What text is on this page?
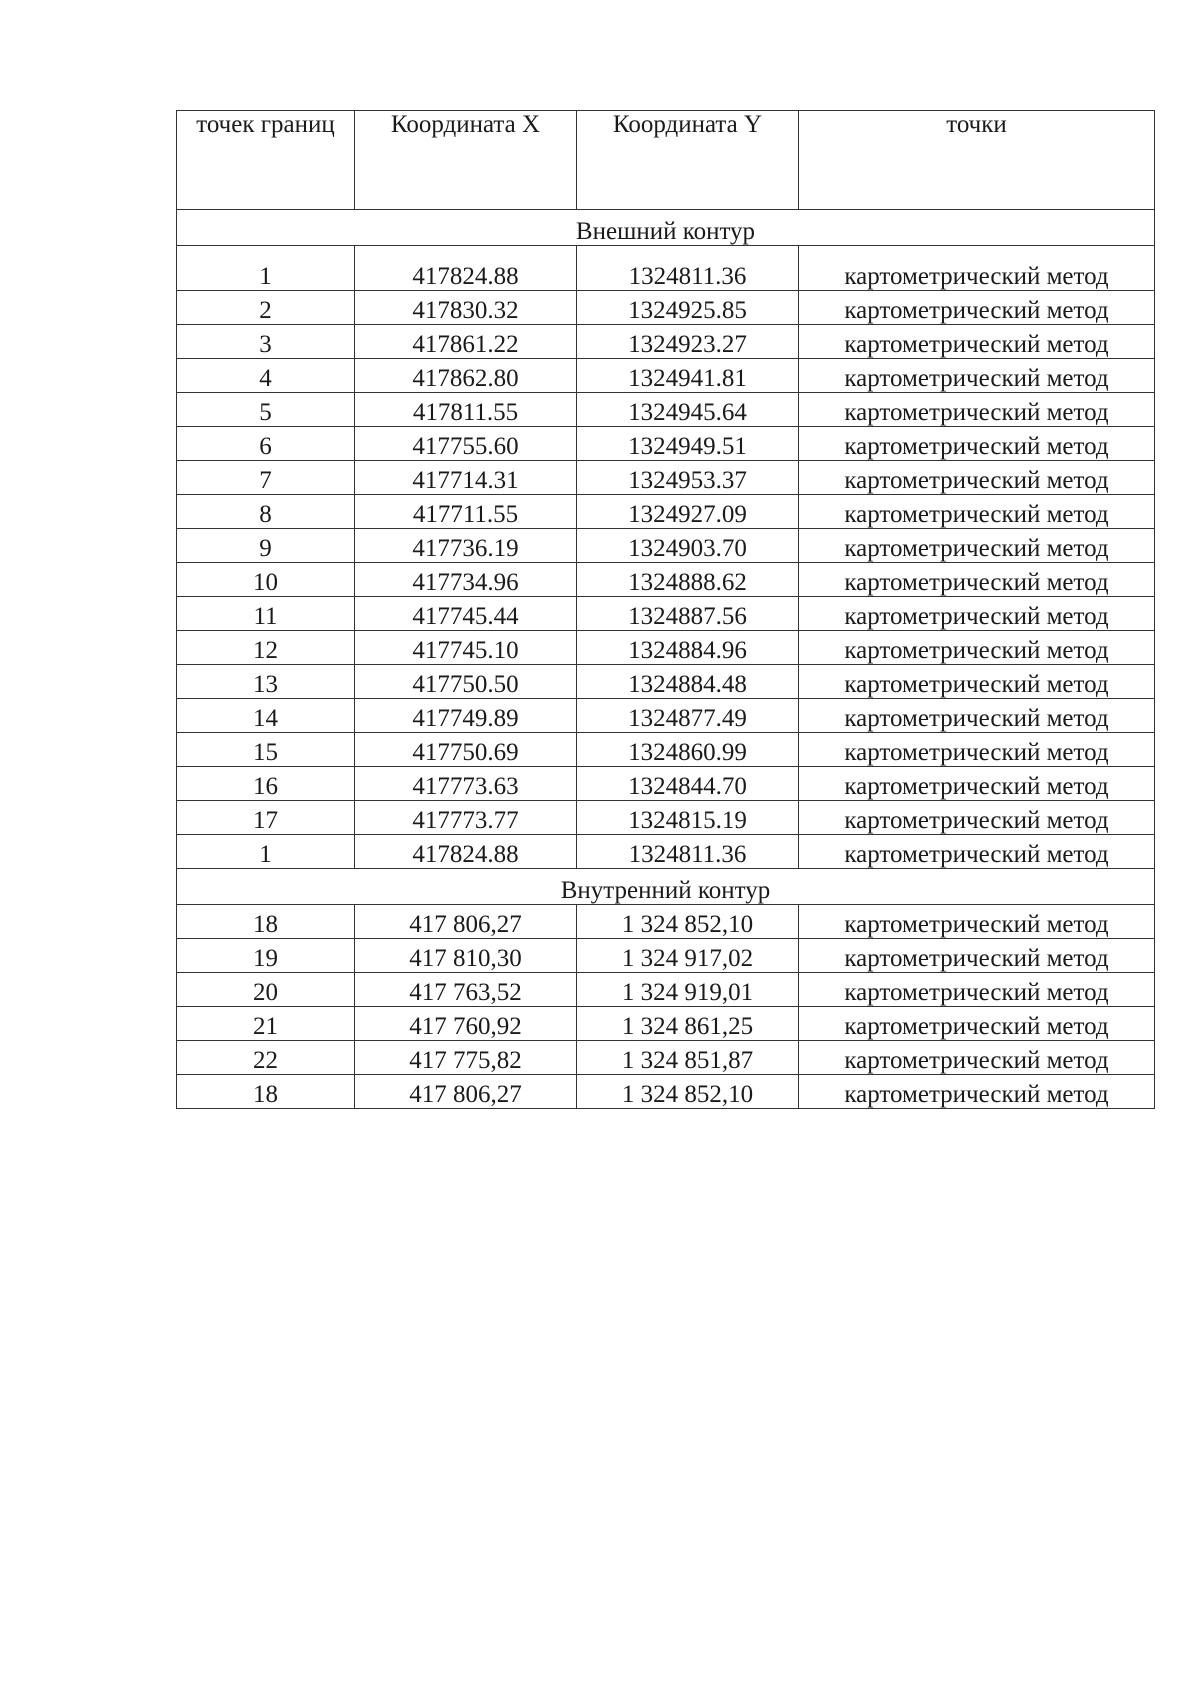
точек границ	Координата X	Координата Y	точки
Внешний контур			
1	417824.88	1324811.36	картометрический метод
2	417830.32	1324925.85	картометрический метод
3	417861.22	1324923.27	картометрический метод
4	417862.80	1324941.81	картометрический метод
5	417811.55	1324945.64	картометрический метод
6	417755.60	1324949.51	картометрический метод
7	417714.31	1324953.37	картометрический метод
8	417711.55	1324927.09	картометрический метод
9	417736.19	1324903.70	картометрический метод
10	417734.96	1324888.62	картометрический метод
11	417745.44	1324887.56	картометрический метод
12	417745.10	1324884.96	картометрический метод
13	417750.50	1324884.48	картометрический метод
14	417749.89	1324877.49	картометрический метод
15	417750.69	1324860.99	картометрический метод
16	417773.63	1324844.70	картометрический метод
17	417773.77	1324815.19	картометрический метод
1	417824.88	1324811.36	картометрический метод
Внутренний контур			
18	417 806,27	1 324 852,10	картометрический метод
19	417 810,30	1 324 917,02	картометрический метод
20	417 763,52	1 324 919,01	картометрический метод
21	417 760,92	1 324 861,25	картометрический метод
22	417 775,82	1 324 851,87	картометрический метод
18	417 806,27	1 324 852,10	картометрический метод
